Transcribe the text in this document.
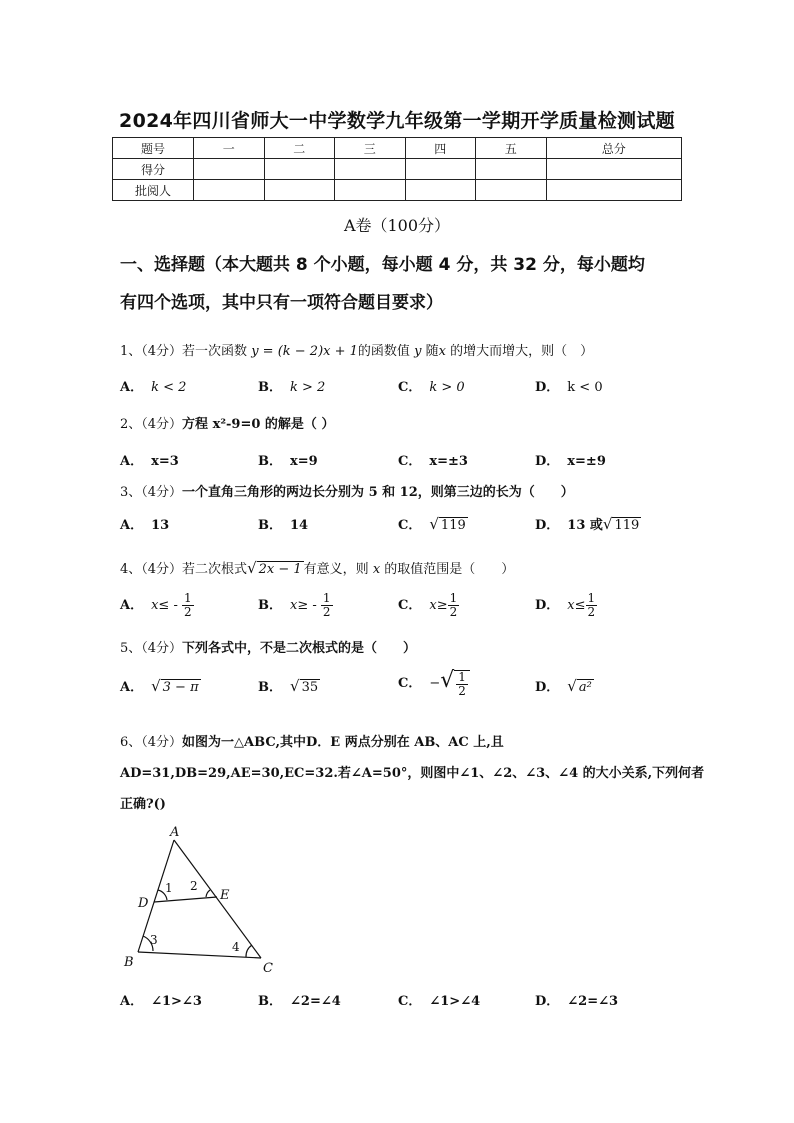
2024年四川省师大一中学数学九年级第一学期开学质量检测试题
题号	一	二	三	四	五	总分
得分						
批阅人						
A卷（100分）
一、选择题（本大题共 8 个小题，每小题 4 分，共 32 分，每小题均
有四个选项，其中只有一项符合题目要求）
1、（4分）若一次函数 y = (k − 2)x + 1的函数值 y 随x 的增大而增大，则（　）
A． k < 2	B． k > 2	C． k > 0	D． k < 0
2、（4分）方程 x²-9=0 的解是（ ）
A． x=3	B． x=9	C． x=±3	D． x=±9
3、（4分）一个直角三角形的两边长分别为 5 和 12，则第三边的长为（　　）
A． 13	B． 14	C． √ 119	D． 13 或√ 119
4、（4分）若二次根式√ 2x − 1 有意义，则 x 的取值范围是（　　）
A． $x\le - \frac{1}{2}$	B． $x\ge - \frac{1}{2}$	C． $x\ge \frac{1}{2}$	D． $x\le \frac{1}{2}$
5、（4分）下列各式中，不是二次根式的是（　　）
A． √ 3 − π	B． √ 35	C． −√ $\frac{1}{2}$	D． √ a²
6、（4分）如图为一△ABC,其中D．E 两点分别在 AB、AC 上,且
AD=31,DB=29,AE=30,EC=32.若∠A=50°，则图中∠1、∠2、∠3、∠4 的大小关系,下列何者
正确?()
A
B	C
D
E
1 2
3	4
A． ∠1>∠3	B． ∠2=∠4	C． ∠1>∠4	D． ∠2=∠3
